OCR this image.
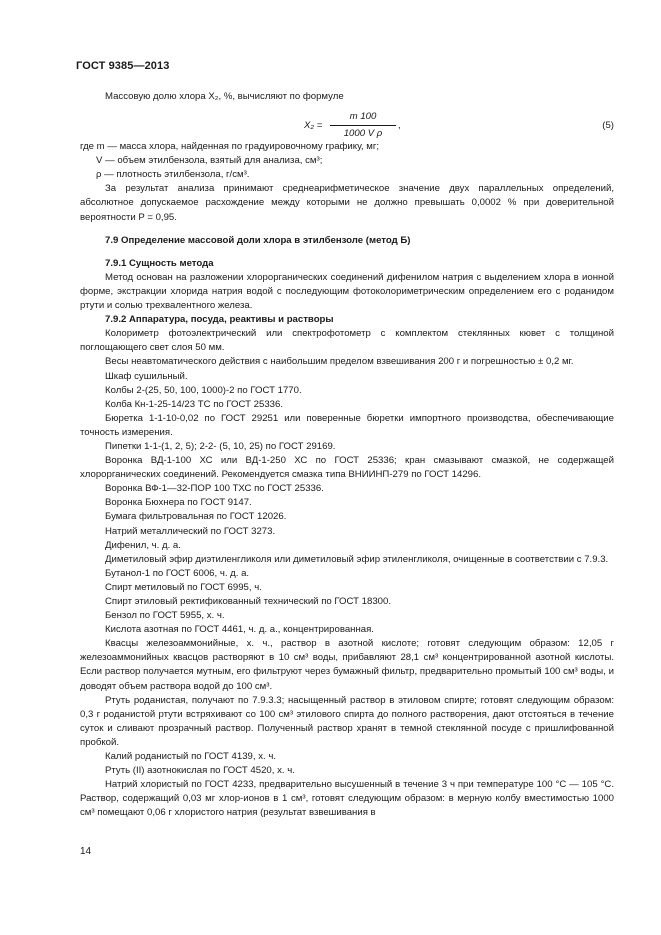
ГОСТ 9385—2013

Массовую долю хлора X₂, %, вычисляют по формуле

$X_2 = \frac{m 100}{\text{1000 V ρ}}$ ,	(5)

где m — масса хлора, найденная по градуировочному графику, мг;

V — объем этилбензола, взятый для анализа, см³;

ρ — плотность этилбензола, г/см³.

За результат анализа принимают среднеарифметическое значение двух параллельных определений, абсолютное допускаемое расхождение между которыми не должно превышать 0,0002 % при доверительной вероятности P = 0,95.

7.9 Определение массовой доли хлора в этилбензоле (метод Б)

7.9.1 Сущность метода

Метод основан на разложении хлорорганических соединений дифенилом натрия с выделением хлора в ионной форме, экстракции хлорида натрия водой с последующим фотоколориметрическим определением его с роданидом ртути и солью трехвалентного железа.

7.9.2 Аппаратура, посуда, реактивы и растворы

Колориметр фотоэлектрический или спектрофотометр с комплектом стеклянных кювет с толщиной поглощающего свет слоя 50 мм.

Весы неавтоматического действия с наибольшим пределом взвешивания 200 г и погрешностью ± 0,2 мг.

Шкаф сушильный.

Колбы 2-(25, 50, 100, 1000)-2 по ГОСТ 1770.

Колба Кн-1-25-14/23 ТС по ГОСТ 25336.

Бюретка 1-1-10-0,02 по ГОСТ 29251 или поверенные бюретки импортного производства, обеспечивающие точность измерения.

Пипетки 1-1-(1, 2, 5); 2-2- (5, 10, 25) по ГОСТ 29169.

Воронка ВД-1-100 ХС или ВД-1-250 ХС по ГОСТ 25336; кран смазывают смазкой, не содержащей хлорорганических соединений. Рекомендуется смазка типа ВНИИНП-279 по ГОСТ 14296.

Воронка ВФ-1—32-ПОР 100 ТХС по ГОСТ 25336.

Воронка Бюхнера по ГОСТ 9147.

Бумага фильтровальная по ГОСТ 12026.

Натрий металлический по ГОСТ 3273.

Дифенил, ч. д. а.

Диметиловый эфир диэтиленгликоля или диметиловый эфир этиленгликоля, очищенные в соответствии с 7.9.3.

Бутанол-1 по ГОСТ 6006, ч. д. а.

Спирт метиловый по ГОСТ 6995, ч.

Спирт этиловый ректификованный технический по ГОСТ 18300.

Бензол по ГОСТ 5955, х. ч.

Кислота азотная по ГОСТ 4461, ч. д. а., концентрированная.

Квасцы железоаммонийные, х. ч., раствор в азотной кислоте; готовят следующим образом: 12,05 г железоаммонийных квасцов растворяют в 10 см³ воды, прибавляют 28,1 см³ концентрированной азотной кислоты. Если раствор получается мутным, его фильтруют через бумажный фильтр, предварительно промытый 100 см³ воды, и доводят объем раствора водой до 100 см³.

Ртуть роданистая, получают по 7.9.3.3; насыщенный раствор в этиловом спирте; готовят следующим образом: 0,3 г роданистой ртути встряхивают со 100 см³ этилового спирта до полного растворения, дают отстояться в течение суток и сливают прозрачный раствор. Полученный раствор хранят в темной стеклянной посуде с пришлифованной пробкой.

Калий роданистый по ГОСТ 4139, х. ч.

Ртуть (II) азотнокислая по ГОСТ 4520, х. ч.

Натрий хлористый по ГОСТ 4233, предварительно высушенный в течение 3 ч при температуре 100 °С — 105 °С. Раствор, содержащий 0,03 мг хлор-ионов в 1 см³, готовят следующим образом: в мерную колбу вместимостью 1000 см³ помещают 0,06 г хлористого натрия (результат взвешивания в

14
